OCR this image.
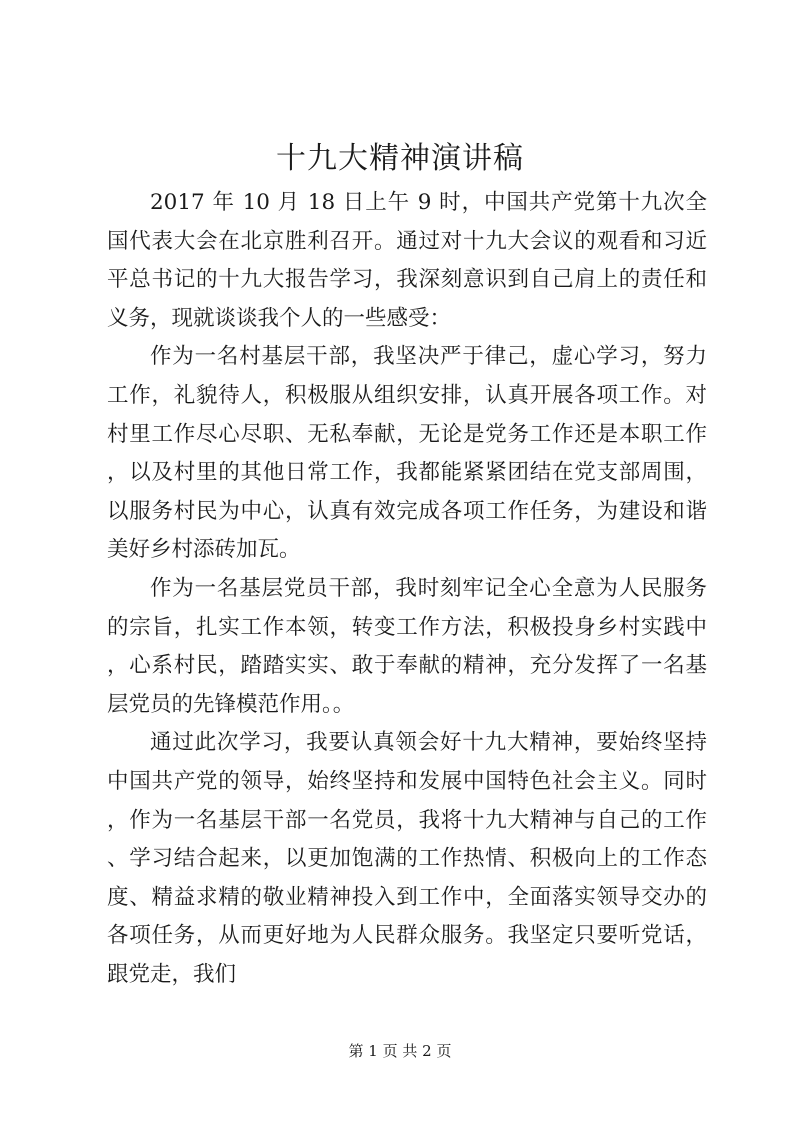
十九大精神演讲稿

2017 年 10 月 18 日上午 9 时，中国共产党第十九次全国代表大会在北京胜利召开。通过对十九大会议的观看和习近平总书记的十九大报告学习，我深刻意识到自己肩上的责任和义务，现就谈谈我个人的一些感受：

作为一名村基层干部，我坚决严于律己，虚心学习，努力工作，礼貌待人，积极服从组织安排，认真开展各项工作。对村里工作尽心尽职、无私奉献，无论是党务工作还是本职工作，以及村里的其他日常工作，我都能紧紧团结在党支部周围，以服务村民为中心，认真有效完成各项工作任务，为建设和谐美好乡村添砖加瓦。

作为一名基层党员干部，我时刻牢记全心全意为人民服务的宗旨，扎实工作本领，转变工作方法，积极投身乡村实践中，心系村民，踏踏实实、敢于奉献的精神，充分发挥了一名基层党员的先锋模范作用。。

通过此次学习，我要认真领会好十九大精神，要始终坚持中国共产党的领导，始终坚持和发展中国特色社会主义。同时，作为一名基层干部一名党员，我将十九大精神与自己的工作、学习结合起来，以更加饱满的工作热情、积极向上的工作态度、精益求精的敬业精神投入到工作中，全面落实领导交办的各项任务，从而更好地为人民群众服务。我坚定只要听党话，跟党走，我们

第 1 页 共 2 页
